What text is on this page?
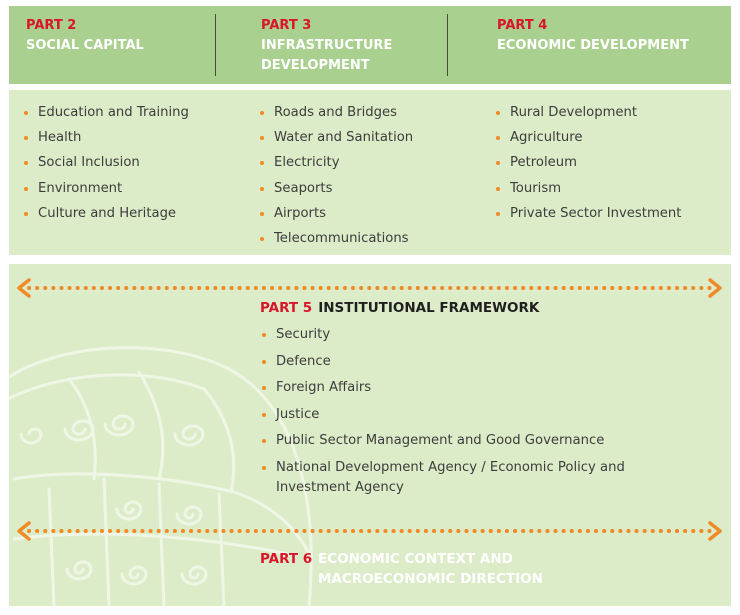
PART 2
SOCIAL CAPITAL
PART 3
INFRASTRUCTURE
DEVELOPMENT
PART 4
ECONOMIC DEVELOPMENT
Education and Training
Health
Social Inclusion
Environment
Culture and Heritage
Roads and Bridges
Water and Sanitation
Electricity
Seaports
Airports
Telecommunications
Rural Development
Agriculture
Petroleum
Tourism
Private Sector Investment
PART 5 INSTITUTIONAL FRAMEWORK
Security
Defence
Foreign Affairs
Justice
Public Sector Management and Good Governance
National Development Agency / Economic Policy and Investment Agency
PART 6 ECONOMIC CONTEXT AND
MACROECONOMIC DIRECTION
